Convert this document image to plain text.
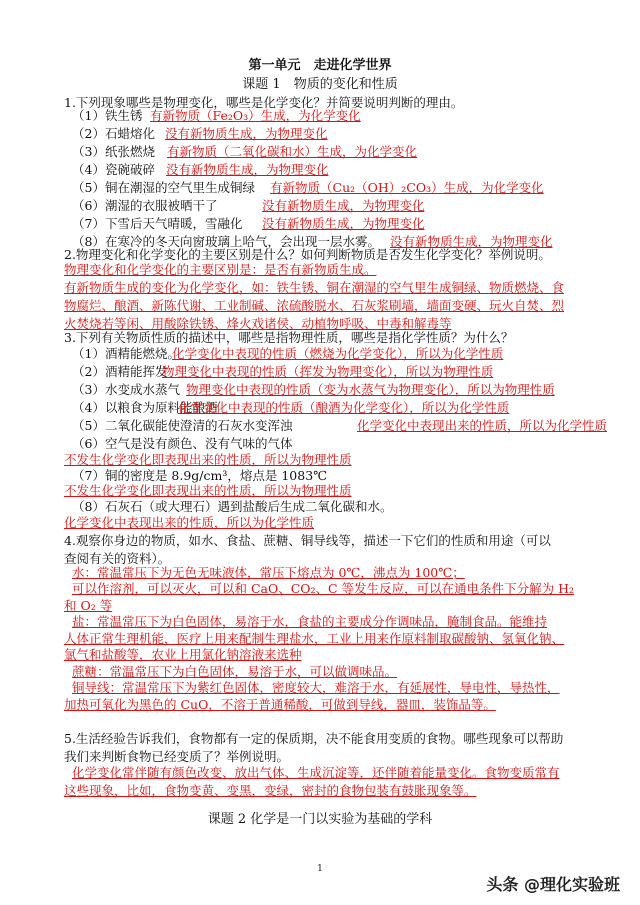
第一单元　走进化学世界
课题 1　物质的变化和性质
1.下列现象哪些是物理变化，哪些是化学变化？并简要说明判断的理由。
（1）铁生锈 有新物质（Fe₂O₃）生成，为化学变化
（2）石蜡熔化 没有新物质生成，为物理变化
（3）纸张燃烧 有新物质（二氧化碳和水）生成，为化学变化
（4）瓷碗破碎 没有新物质生成，为物理变化
（5）铜在潮湿的空气里生成铜绿 有新物质（Cu₂（OH）₂CO₃）生成，为化学变化
（6）潮湿的衣服被晒干了	没有新物质生成，为物理变化
（7）下雪后天气晴暖，雪融化 没有新物质生成，为物理变化
（8）在寒冷的冬天向窗玻璃上哈气，会出现一层水雾。 没有新物质生成，为物理变化
2.物理变化和化学变化的主要区别是什么？如何判断物质是否发生化学变化？举例说明。
物理变化和化学变化的主要区别是：是否有新物质生成。
有新物质生成的变化为化学变化，如：铁生锈、铜在潮湿的空气里生成铜绿、物质燃烧、食
物腐烂、酿酒、新陈代谢、工业制碱、浓硫酸脱水、石灰浆刷墙，墙面变硬、玩火自焚、烈
火焚烧若等闲、用酸除铁锈、烽火戏诸侯、动植物呼吸、中毒和解毒等
3.下列有关物质性质的描述中，哪些是指物理性质，哪些是指化学性质？为什么？
（1）酒精能燃烧。
化学变化中表现的性质（燃烧为化学变化），所以为化学性质
（2）酒精能挥发
物理变化中表现的性质（挥发为物理变化），所以为物理性质
（3）水变成水蒸气 物理变化中表现的性质（变为水蒸气为物理变化），所以为物理性质
（4）以粮食为原料能酿酒
化学变化中表现的性质（酿酒为化学变化），所以为化学性质
（5）二氧化碳能使澄清的石灰水变浑浊	化学变化中表现出来的性质，所以为化学性质
（6）空气是没有颜色、没有气味的气体
不发生化学变化即表现出来的性质，所以为物理性质
（7）铜的密度是 8.9g/cm³，熔点是 1083℃
不发生化学变化即表现出来的性质，所以为物理性质
（8）石灰石（或大理石）遇到盐酸后生成二氧化碳和水。
化学变化中表现出来的性质，所以为化学性质
4.观察你身边的物质，如水、食盐、蔗糖、铜导线等，描述一下它们的性质和用途（可以
查阅有关的资料）。
水：常温常压下为无色无味液体，常压下熔点为 0℃，沸点为 100℃；
可以作溶剂，可以灭火，可以和 CaO、CO₂、C 等发生反应，可以在通电条件下分解为 H₂
和 O₂ 等
盐：常温常压下为白色固体，易溶于水，食盐的主要成分作调味品，腌制食品。能维持
人体正常生理机能，医疗上用来配制生理盐水，工业上用来作原料制取碳酸钠、氢氧化钠、
氯气和盐酸等，农业上用氯化钠溶液来选种
蔗糖：常温常压下为白色固体，易溶于水，可以做调味品。
铜导线：常温常压下为紫红色固体，密度较大，难溶于水，有延展性，导电性，导热性，
加热可氧化为黑色的 CuO，不溶于普通稀酸，可做到导线，器皿，装饰品等。
5.生活经验告诉我们，食物都有一定的保质期，决不能食用变质的食物。哪些现象可以帮助
我们来判断食物已经变质了？举例说明。
化学变化常伴随有颜色改变、放出气体、生成沉淀等，还伴随着能量变化。食物变质常有
这些现象，比如，食物变黄、变黑，变绿，密封的食物包装有鼓胀现象等。
课题 2 化学是一门以实验为基础的学科
1
头条 @理化实验班
